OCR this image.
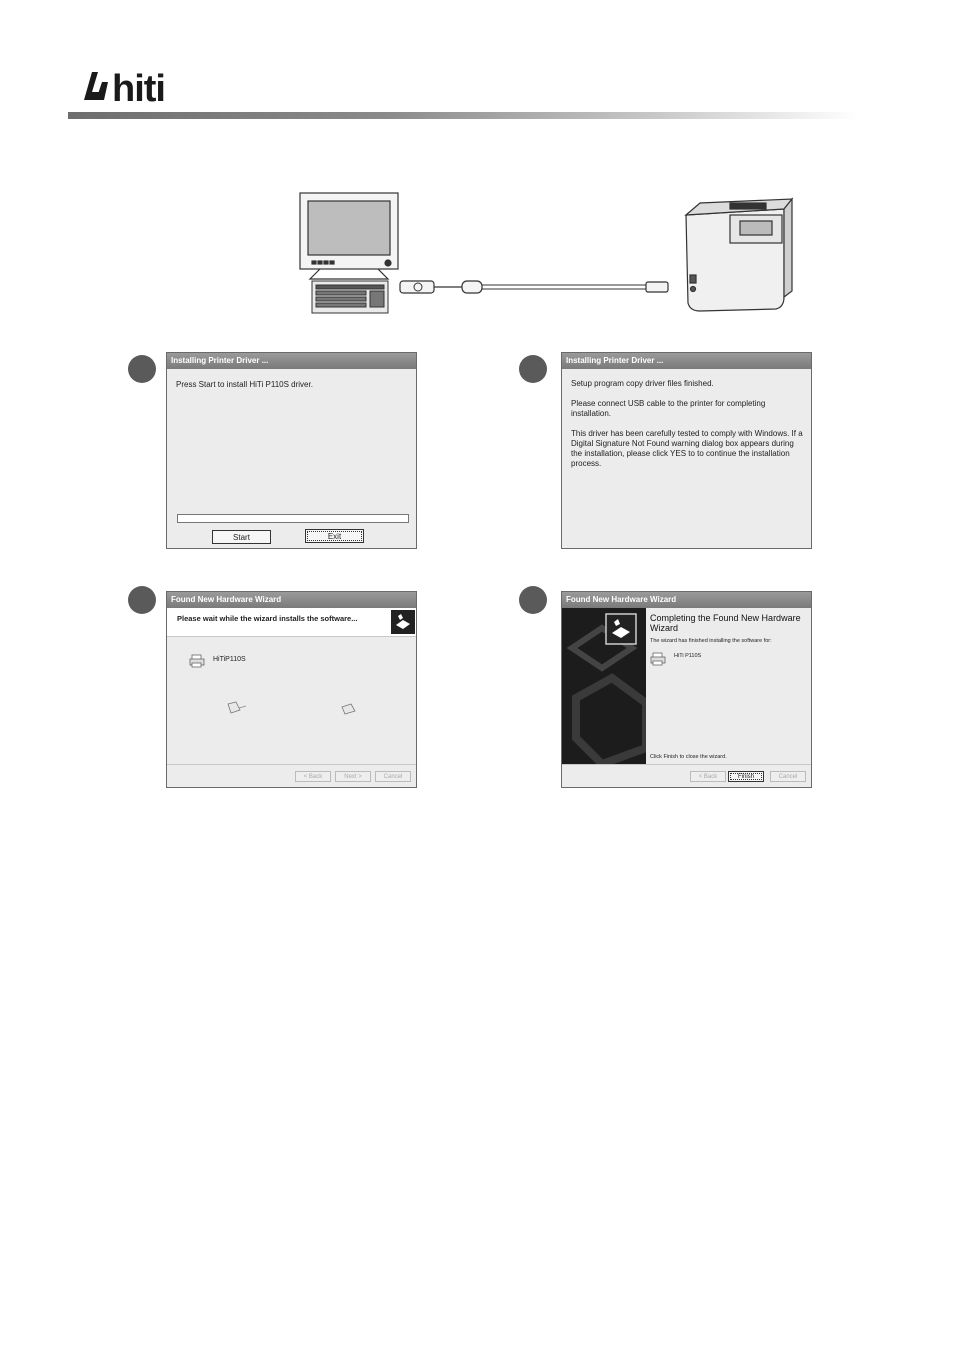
hiti
Installing Printer Driver ...
Press Start to install HiTi P110S driver.
Start	Exit
Installing Printer Driver ...
Setup program copy driver files finished.
Please connect USB cable to the printer for completing installation.
This driver has been carefully tested to comply with Windows. If a Digital Signature Not Found warning dialog box appears during the installation, please click YES to to continue the installation process.
Found New Hardware Wizard
Please wait while the wizard installs the software...
HiTiP110S
< Back	Next >	Cancel
Found New Hardware Wizard
Completing the Found New Hardware Wizard
The wizard has finished installing the software for:
HiTi P110S
Click Finish to close the wizard.
< Back	Finish	Cancel
